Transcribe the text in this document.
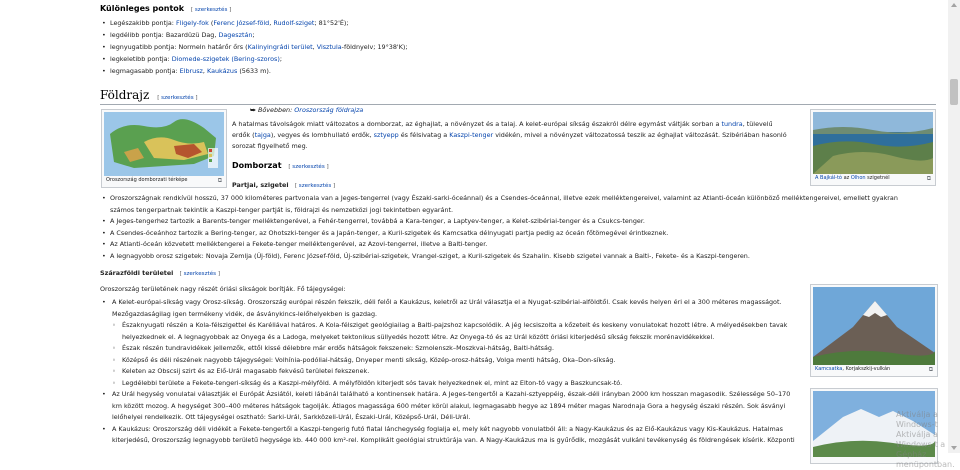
Különleges pontok [ szerkesztés ]
• Legészakibb pontja: Fligely-fok (Ferenc József-föld, Rudolf-sziget; 81°52'É);
• legdélibb pontja: Bazardüzü Dag, Dagesztán;
• legnyugatibb pontja: Normeln határőr őrs (Kalinyingrádi terület, Visztula-földnyelv; 19°38'K);
• legkeletibb pontja: Diomede-szigetek (Bering-szoros);
• legmagasabb pontja: Elbrusz, Kaukázus (5633 m).
Földrajz [ szerkesztés ]
⮩ Bővebben: Oroszország földrajza
Oroszország domborzati térképe	⧉
A hatalmas távolságok miatt változatos a domborzat, az éghajlat, a növényzet és a talaj. A kelet-európai síkság északról délre egymást váltják sorban a tundra, tülevelű erdők (tajga), vegyes és lombhullató erdők, sztyepp és félsivatag a Kaszpi-tenger vidékén, mivel a növényzet változatossá teszik az éghajlat változását. Szibériában hasonló sorozat figyelhető meg.
Domborzat [ szerkesztés ]
Partjai, szigetei [ szerkesztés ]
A Bajkál-tó az Olhon szigetnél	⧉
• Oroszországnak rendkívül hosszú, 37 000 kilométeres partvonala van a Jeges-tengerrel (vagy Északi-sarki-óceánnal) és a Csendes-óceánnal, illetve ezek melléktengereivel, valamint az Atlanti-óceán különböző melléktengereivel, emellett gyakran számos tengerpartnak tekintik a Kaszpi-tenger partját is, földrajzi és nemzetközi jogi tekintetben egyaránt.
• A Jeges-tengerhez tartozik a Barents-tenger melléktengerével, a Fehér-tengerrel, továbbá a Kara-tenger, a Laptyev-tenger, a Kelet-szibériai-tenger és a Csukcs-tenger.
• A Csendes-óceánhoz tartozik a Bering-tenger, az Ohotszki-tenger és a Japán-tenger, a Kuril-szigetek és Kamcsatka délnyugati partja pedig az óceán főtömegével érintkeznek.
• Az Atlanti-óceán közvetett melléktengerei a Fekete-tenger melléktengerével, az Azovi-tengerrel, illetve a Balti-tenger.
• A legnagyobb orosz szigetek: Novaja Zemlja (Új-föld), Ferenc József-föld, Új-szibériai-szigetek, Vrangel-sziget, a Kuril-szigetek és Szahalin. Kisebb szigetei vannak a Balti-, Fekete- és a Kaszpi-tengeren.
Szárazföldi területei [ szerkesztés ]
Oroszország területének nagy részét óriási síkságok borítják. Fő tájegységei:
• A Kelet-európai-síkság vagy Orosz-síkság. Oroszország európai részén fekszik, déli felől a Kaukázus, keletről az Urál választja el a Nyugat-szibériai-alföldtől. Csak kevés helyen éri el a 300 méteres magasságot. Mezőgazdaságilag igen termékeny vidék, de ásványkincs-lelőhelyekben is gazdag.
◦ Északnyugati részén a Kola-félszigettel és Karéliával határos. A Kola-félsziget geológiailag a Balti-pajzshoz kapcsolódik. A jég lecsiszolta a kőzeteit és keskeny vonulatokat hozott létre. A mélyedésekben tavak helyezkednek el. A legnagyobbak az Onyega és a Ladoga, melyeket tektonikus süllyedés hozott létre. Az Onyega-tó és az Urál között óriási kiterjedésű síkság fekszik morénavidékekkel.
◦ Észak részén tundravidékek jellemzők, ettől kissé délebbre már erdős hátságok fekszenek: Szmolenszk–Moszkvai-hátság, Balti-hátság.
◦ Középső és déli részének nagyobb tájegységei: Volhínia-podóliai-hátság, Dnyeper menti síkság, Közép-orosz-hátság, Volga menti hátság, Oka–Don-síkság.
◦ Keleten az Obscsij szirt és az Elő-Urál magasabb fekvésű területei fekszenek.
◦ Legdélebbi területe a Fekete-tengeri-síkság és a Kaszpi-mélyföld. A mélyföldön kiterjedt sós tavak helyezkednek el, mint az Elton-tó vagy a Baszkuncsak-tó.
• Az Urál hegység vonulatai választják el Európát Ázsiától, keleti lábánál található a kontinensek határa. A Jeges-tengertől a Kazahi-sztyeppéig, észak-déli irányban 2000 km hosszan magasodik. Szélessége 50–170 km között mozog. A hegységet 300–400 méteres hátságok tagolják. Átlagos magassága 600 méter körül alakul, legmagasabb hegye az 1894 méter magas Narodnaja Gora a hegység északi részén. Sok ásványi lelőhelyei rendelkezik. Ott tájegységei osztható: Sarki-Urál, Sarkközeli-Urál, Északi-Urál, Középső-Urál, Déli-Urál.
• A Kaukázus: Oroszország déli vidékét a Fekete-tengertől a Kaszpi-tengerig futó fiatal lánchegység foglalja el, mely két nagyobb vonulatból áll: a Nagy-Kaukázus és az Elő-Kaukázus vagy Kis-Kaukázus. Hatalmas kiterjedésű, Oroszország legnagyobb területű hegysége kb. 440 000 km²-rel. Komplikált geológiai struktúrája van. A Nagy-Kaukázus ma is gyűrődik, mozgását vulkáni tevékenység és földrengések kísérik. Központi
Kamcsatka, Korjakszkij-vulkán	⧉
Aktiválja a Windows-t
Aktiválja a Windows-t a Gépház menüpontban.
